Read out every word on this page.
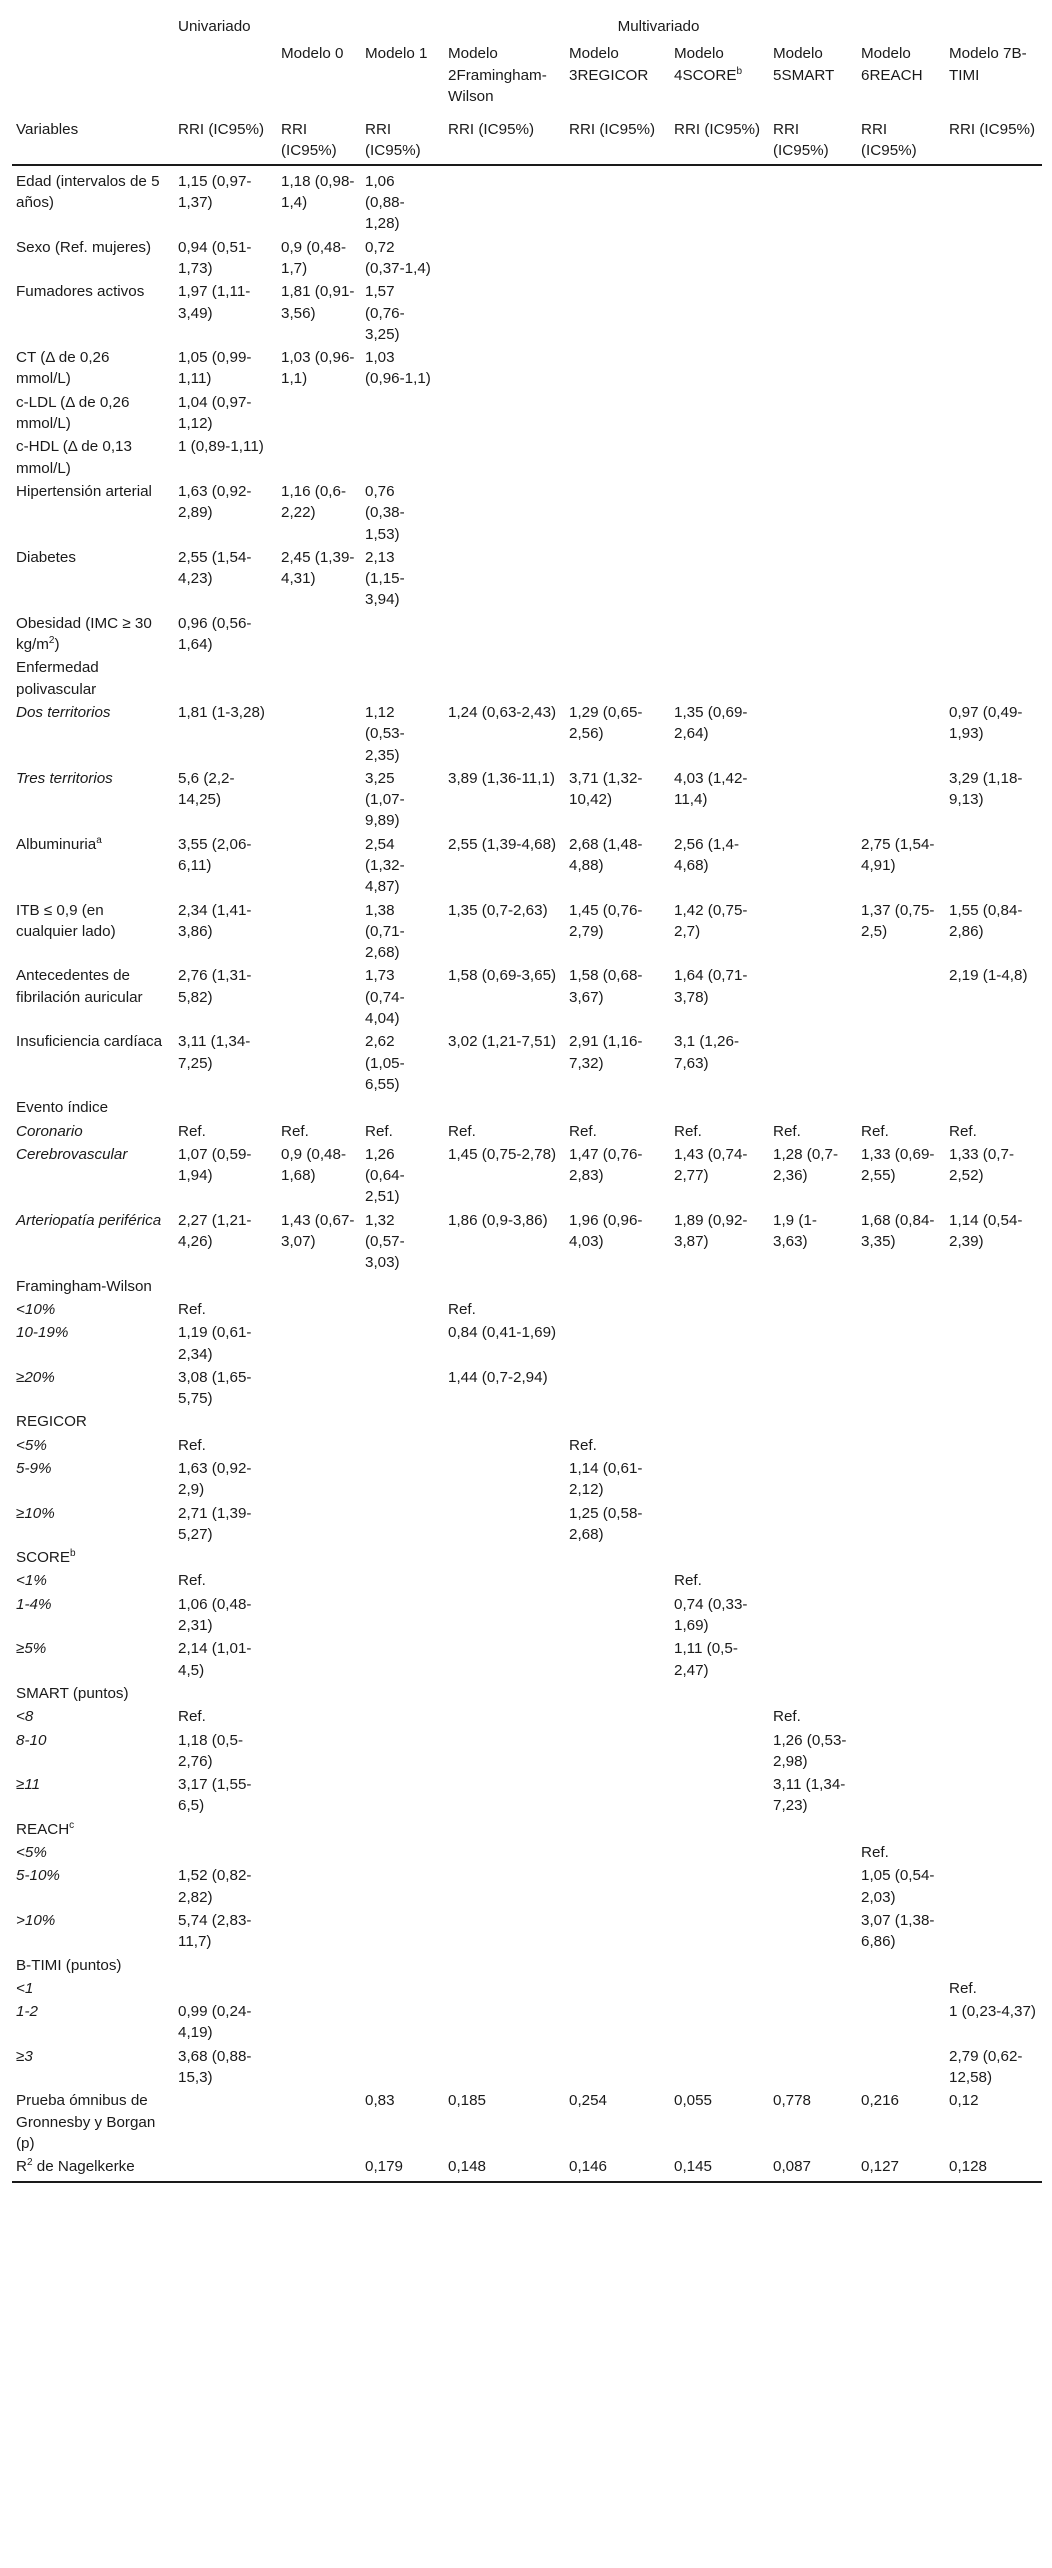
	Univariado	Multivariado							
		Modelo 0	Modelo 1	Modelo 2Framingham-Wilson	Modelo 3REGICOR	Modelo 4SCORE$^b$	Modelo 5SMART	Modelo 6REACH	Modelo 7B-TIMI
Variables	RRI (IC95%)	RRI (IC95%)	RRI (IC95%)	RRI (IC95%)	RRI (IC95%)	RRI (IC95%)	RRI (IC95%)	RRI (IC95%)	RRI (IC95%)
Edad (intervalos de 5 años)	1,15 (0,97-1,37)	1,18 (0,98-1,4)	1,06 (0,88-1,28)						
Sexo (Ref. mujeres)	0,94 (0,51-1,73)	0,9 (0,48-1,7)	0,72 (0,37-1,4)						
Fumadores activos	1,97 (1,11-3,49)	1,81 (0,91-3,56)	1,57 (0,76-3,25)						
CT (Δ de 0,26 mmol/L)	1,05 (0,99-1,11)	1,03 (0,96-1,1)	1,03 (0,96-1,1)						
c-LDL (Δ de 0,26 mmol/L)	1,04 (0,97-1,12)								
c-HDL (Δ de 0,13 mmol/L)	1 (0,89-1,11)								
Hipertensión arterial	1,63 (0,92-2,89)	1,16 (0,6-2,22)	0,76 (0,38-1,53)						
Diabetes	2,55 (1,54-4,23)	2,45 (1,39-4,31)	2,13 (1,15-3,94)						
Obesidad (IMC ≥ 30 $kg/m^2$)	0,96 (0,56-1,64)								
Enfermedad polivascular									
Dos territorios	1,81 (1-3,28)		1,12 (0,53-2,35)	1,24 (0,63-2,43)	1,29 (0,65-2,56)	1,35 (0,69-2,64)			0,97 (0,49-1,93)
Tres territorios	5,6 (2,2-14,25)		3,25 (1,07-9,89)	3,89 (1,36-11,1)	3,71 (1,32-10,42)	4,03 (1,42-11,4)			3,29 (1,18-9,13)
Albuminuria$^a$	3,55 (2,06-6,11)		2,54 (1,32-4,87)	2,55 (1,39-4,68)	2,68 (1,48-4,88)	2,56 (1,4-4,68)		2,75 (1,54-4,91)	
ITB ≤ 0,9 (en cualquier lado)	2,34 (1,41-3,86)		1,38 (0,71-2,68)	1,35 (0,7-2,63)	1,45 (0,76-2,79)	1,42 (0,75-2,7)		1,37 (0,75-2,5)	1,55 (0,84-2,86)
Antecedentes de fibrilación auricular	2,76 (1,31-5,82)		1,73 (0,74-4,04)	1,58 (0,69-3,65)	1,58 (0,68-3,67)	1,64 (0,71-3,78)			2,19 (1-4,8)
Insuficiencia cardíaca	3,11 (1,34-7,25)		2,62 (1,05-6,55)	3,02 (1,21-7,51)	2,91 (1,16-7,32)	3,1 (1,26-7,63)			
Evento índice									
Coronario	Ref.	Ref.	Ref.	Ref.	Ref.	Ref.	Ref.	Ref.	Ref.
Cerebrovascular	1,07 (0,59-1,94)	0,9 (0,48-1,68)	1,26 (0,64-2,51)	1,45 (0,75-2,78)	1,47 (0,76-2,83)	1,43 (0,74-2,77)	1,28 (0,7-2,36)	1,33 (0,69-2,55)	1,33 (0,7-2,52)
Arteriopatía periférica	2,27 (1,21-4,26)	1,43 (0,67-3,07)	1,32 (0,57-3,03)	1,86 (0,9-3,86)	1,96 (0,96-4,03)	1,89 (0,92-3,87)	1,9 (1-3,63)	1,68 (0,84-3,35)	1,14 (0,54-2,39)
Framingham-Wilson									
<10%	Ref.			Ref.					
10-19%	1,19 (0,61-2,34)			0,84 (0,41-1,69)					
≥20%	3,08 (1,65-5,75)			1,44 (0,7-2,94)					
REGICOR									
<5%	Ref.				Ref.				
5-9%	1,63 (0,92-2,9)				1,14 (0,61-2,12)				
≥10%	2,71 (1,39-5,27)				1,25 (0,58-2,68)				
SCORE$^b$									
<1%	Ref.					Ref.			
1-4%	1,06 (0,48-2,31)					0,74 (0,33-1,69)			
≥5%	2,14 (1,01-4,5)					1,11 (0,5-2,47)			
SMART (puntos)									
<8	Ref.						Ref.		
8-10	1,18 (0,5-2,76)						1,26 (0,53-2,98)		
≥11	3,17 (1,55-6,5)						3,11 (1,34-7,23)		
REACH$^c$									
<5%								Ref.	
5-10%	1,52 (0,82-2,82)							1,05 (0,54-2,03)	
>10%	5,74 (2,83-11,7)							3,07 (1,38-6,86)	
B-TIMI (puntos)									
<1									Ref.
1-2	0,99 (0,24-4,19)								1 (0,23-4,37)
≥3	3,68 (0,88-15,3)								2,79 (0,62-12,58)
Prueba ómnibus de Gronnesby y Borgan (p)			0,83	0,185	0,254	0,055	0,778	0,216	0,12
$R^2$ de Nagelkerke			0,179	0,148	0,146	0,145	0,087	0,127	0,128
